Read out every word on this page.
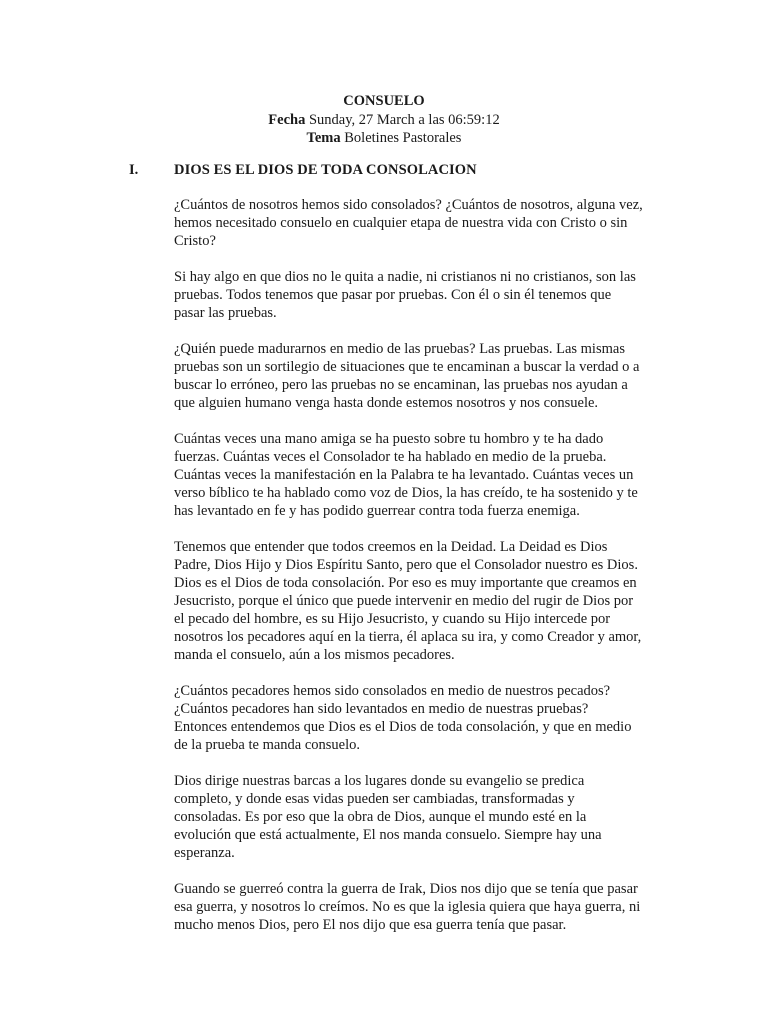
CONSUELO
Fecha Sunday, 27 March a las 06:59:12
Tema Boletines Pastorales
I. DIOS ES EL DIOS DE TODA CONSOLACION

¿Cuántos de nosotros hemos sido consolados? ¿Cuántos de nosotros, alguna vez,
hemos necesitado consuelo en cualquier etapa de nuestra vida con Cristo o sin
Cristo?

Si hay algo en que dios no le quita a nadie, ni cristianos ni no cristianos, son las
pruebas. Todos tenemos que pasar por pruebas. Con él o sin él tenemos que
pasar las pruebas.

¿Quién puede madurarnos en medio de las pruebas? Las pruebas. Las mismas
pruebas son un sortilegio de situaciones que te encaminan a buscar la verdad o a
buscar lo erróneo, pero las pruebas no se encaminan, las pruebas nos ayudan a
que alguien humano venga hasta donde estemos nosotros y nos consuele.

Cuántas veces una mano amiga se ha puesto sobre tu hombro y te ha dado
fuerzas. Cuántas veces el Consolador te ha hablado en medio de la prueba.
Cuántas veces la manifestación en la Palabra te ha levantado. Cuántas veces un
verso bíblico te ha hablado como voz de Dios, la has creído, te ha sostenido y te
has levantado en fe y has podido guerrear contra toda fuerza enemiga.

Tenemos que entender que todos creemos en la Deidad. La Deidad es Dios
Padre, Dios Hijo y Dios Espíritu Santo, pero que el Consolador nuestro es Dios.
Dios es el Dios de toda consolación. Por eso es muy importante que creamos en
Jesucristo, porque el único que puede intervenir en medio del rugir de Dios por
el pecado del hombre, es su Hijo Jesucristo, y cuando su Hijo intercede por
nosotros los pecadores aquí en la tierra, él aplaca su ira, y como Creador y amor,
manda el consuelo, aún a los mismos pecadores.

¿Cuántos pecadores hemos sido consolados en medio de nuestros pecados?
¿Cuántos pecadores han sido levantados en medio de nuestras pruebas?
Entonces entendemos que Dios es el Dios de toda consolación, y que en medio
de la prueba te manda consuelo.

Dios dirige nuestras barcas a los lugares donde su evangelio se predica
completo, y donde esas vidas pueden ser cambiadas, transformadas y
consoladas. Es por eso que la obra de Dios, aunque el mundo esté en la
evolución que está actualmente, El nos manda consuelo. Siempre hay una
esperanza.

Guando se guerreó contra la guerra de Irak, Dios nos dijo que se tenía que pasar
esa guerra, y nosotros lo creímos. No es que la iglesia quiera que haya guerra, ni
mucho menos Dios, pero El nos dijo que esa guerra tenía que pasar.
